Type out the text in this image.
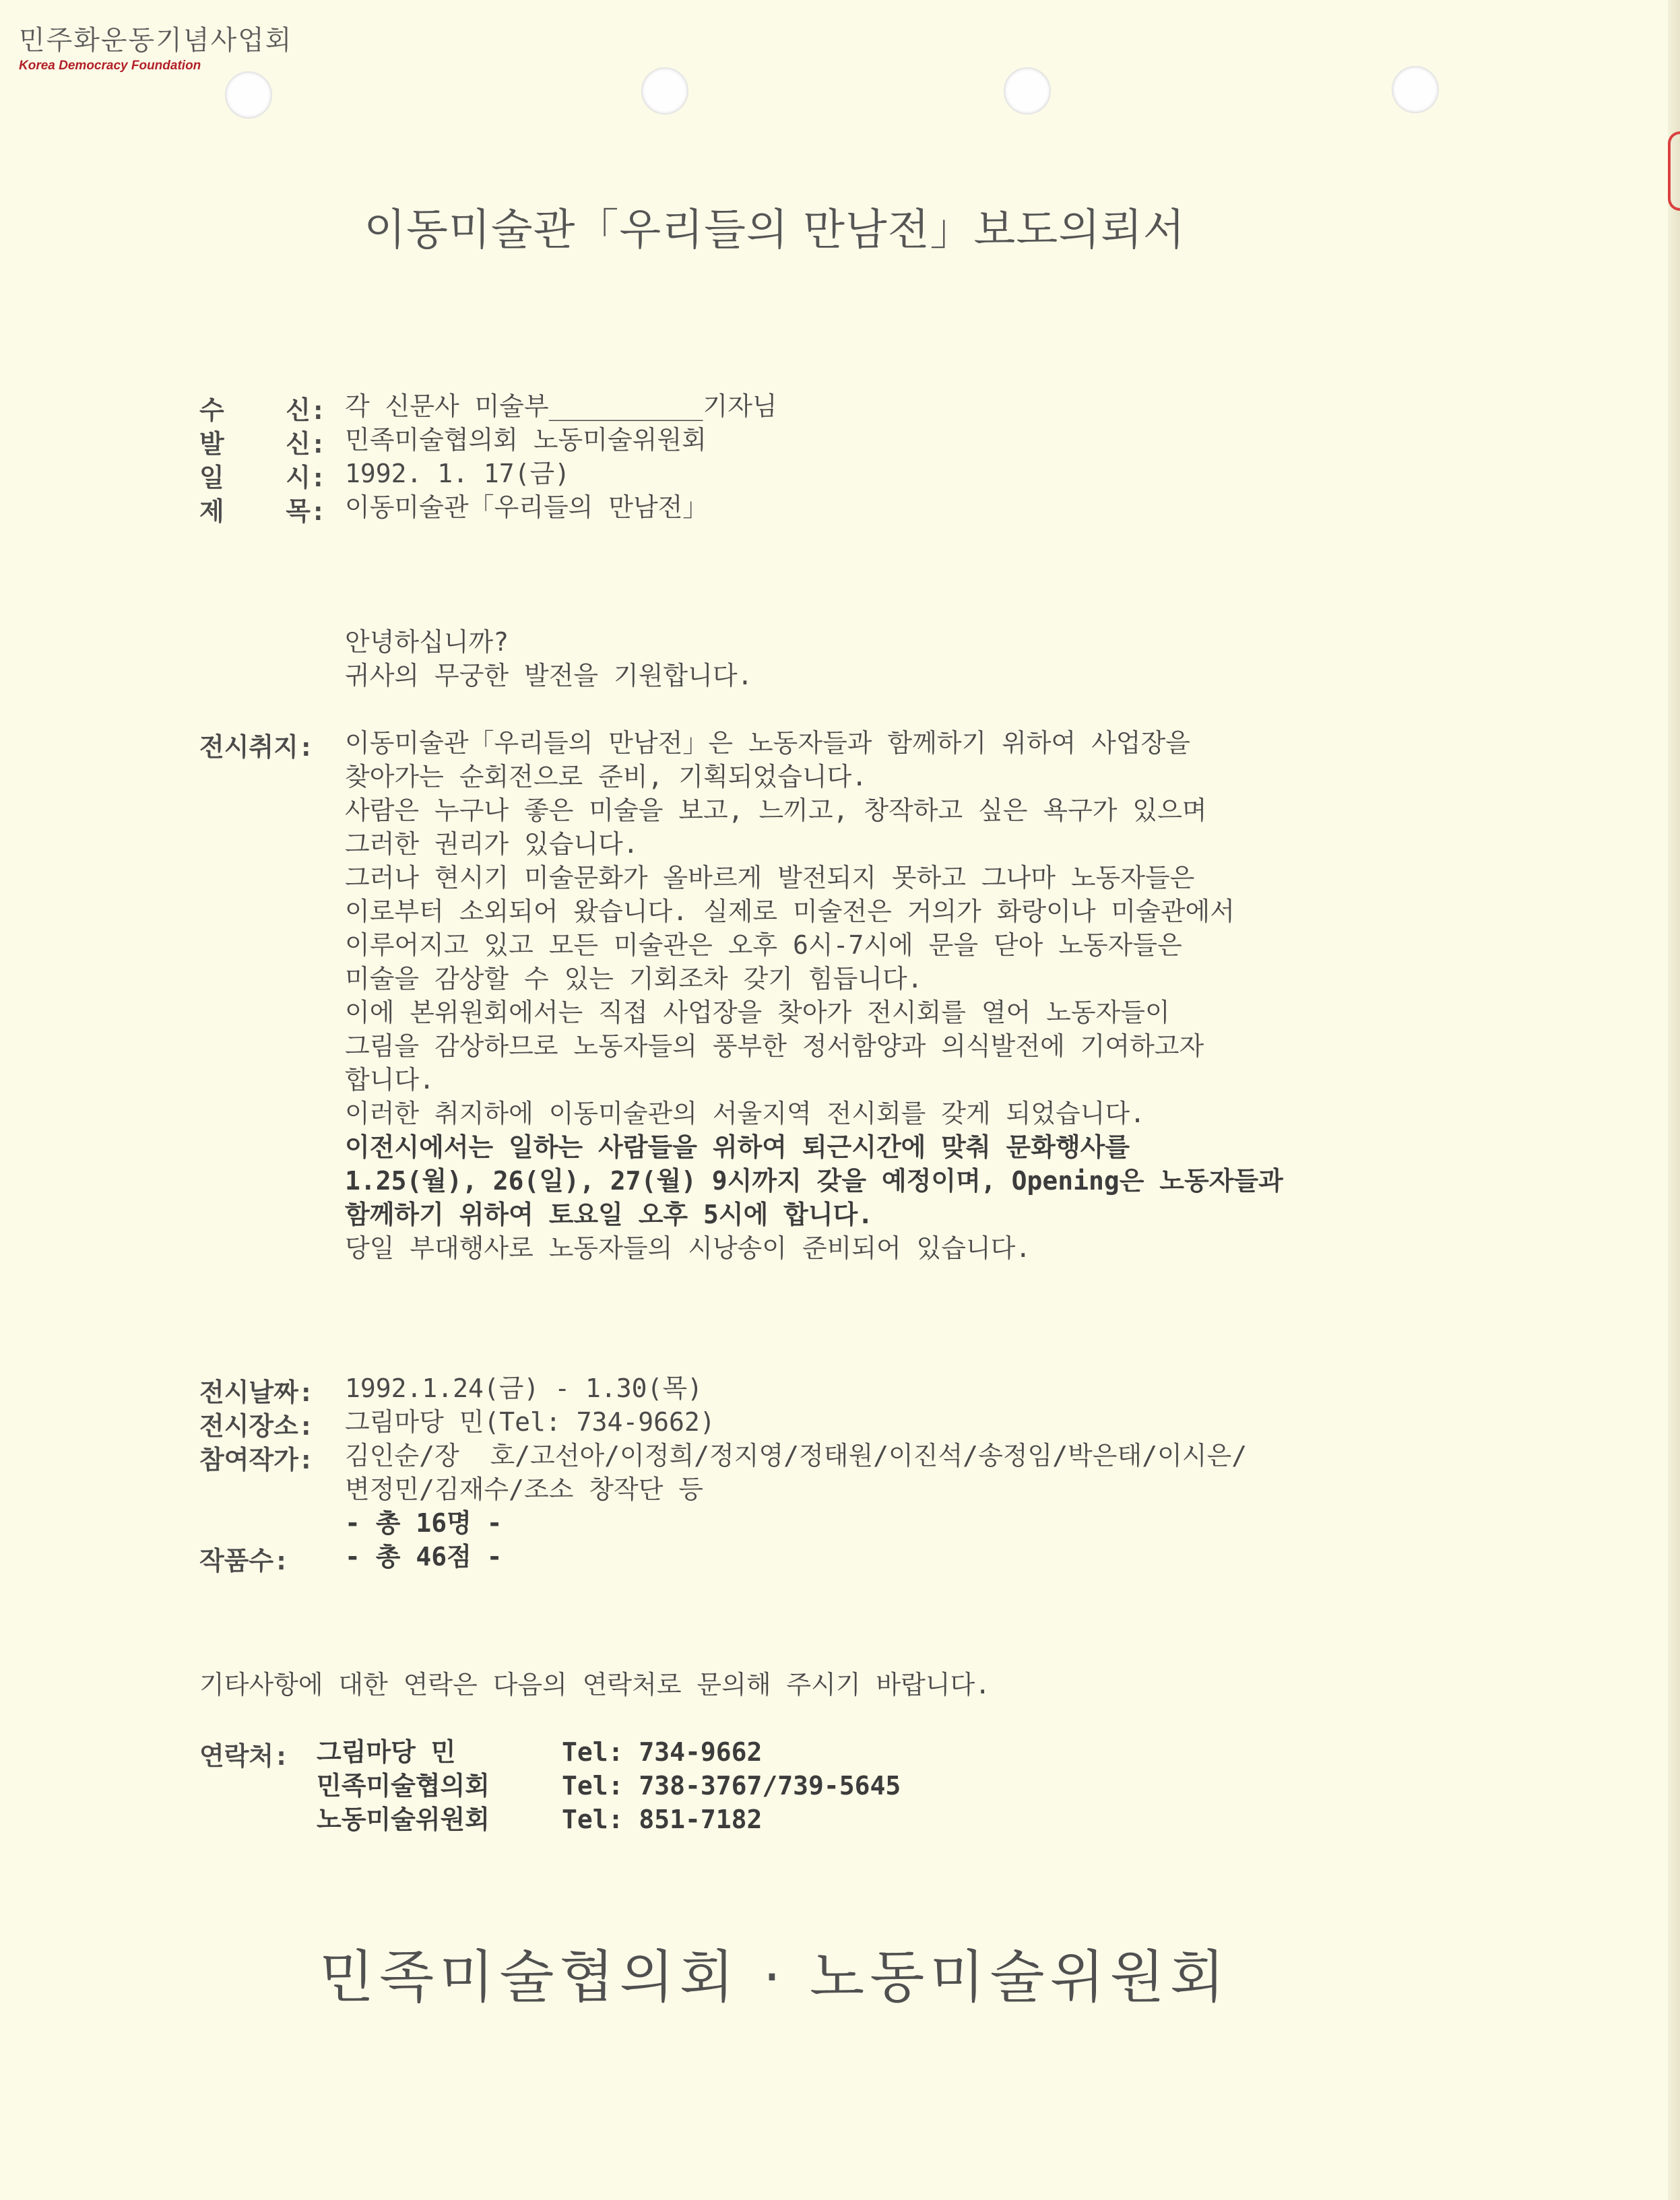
민주화운동기념사업회
Korea Democracy Foundation
이동미술관「우리들의 만남전」보도의뢰서
수    신: 각 신문사 미술부__________기자님
발    신: 민족미술협의회 노동미술위원회
일    시: 1992. 1. 17(금)
제    목: 이동미술관「우리들의 만남전」
안녕하십니까?
귀사의 무궁한 발전을 기원합니다.
전시취지: 이동미술관「우리들의 만남전」은 노동자들과 함께하기 위하여 사업장을
찾아가는 순회전으로 준비, 기획되었습니다.
사람은 누구나 좋은 미술을 보고, 느끼고, 창작하고 싶은 욕구가 있으며
그러한 권리가 있습니다.
그러나 현시기 미술문화가 올바르게 발전되지 못하고 그나마 노동자들은
이로부터 소외되어 왔습니다. 실제로 미술전은 거의가 화랑이나 미술관에서
이루어지고 있고 모든 미술관은 오후 6시-7시에 문을 닫아 노동자들은
미술을 감상할 수 있는 기회조차 갖기 힘듭니다.
이에 본위원회에서는 직접 사업장을 찾아가 전시회를 열어 노동자들이
그림을 감상하므로 노동자들의 풍부한 정서함양과 의식발전에 기여하고자
합니다.
이러한 취지하에 이동미술관의 서울지역 전시회를 갖게 되었습니다.
이전시에서는 일하는 사람들을 위하여 퇴근시간에 맞춰 문화행사를
1.25(월), 26(일), 27(월) 9시까지 갖을 예정이며, Opening은 노동자들과
함께하기 위하여 토요일 오후 5시에 합니다.
당일 부대행사로 노동자들의 시낭송이 준비되어 있습니다.
전시날짜: 1992.1.24(금) - 1.30(목)
전시장소: 그림마당 민(Tel: 734-9662)
참여작가: 김인순/장  호/고선아/이정희/정지영/정태원/이진석/송정임/박은태/이시은/
변정민/김재수/조소 창작단 등
- 총 16명 -
작품수: - 총 46점 -
기타사항에 대한 연락은 다음의 연락처로 문의해 주시기 바랍니다.
연락처: 그림마당 민	Tel: 734-9662
민족미술협의회	Tel: 738-3767/739-5645
노동미술위원회	Tel: 851-7182
민족미술협의회 · 노동미술위원회
